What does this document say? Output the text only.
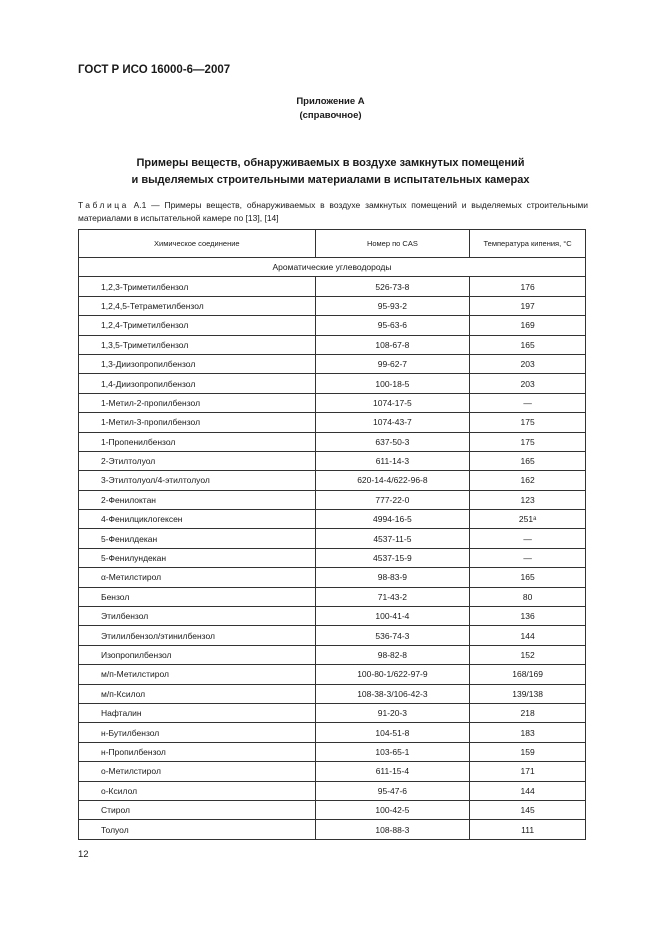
ГОСТ Р ИСО 16000-6—2007
Приложение А
(справочное)
Примеры веществ, обнаруживаемых в воздухе замкнутых помещений
и выделяемых строительными материалами в испытательных камерах
Таблица А.1 — Примеры веществ, обнаруживаемых в воздухе замкнутых помещений и выделяемых строительными материалами в испытательной камере по [13], [14]
Химическое соединение	Номер по CAS	Температура кипения, °С
Ароматические углеводороды		
1,2,3-Триметилбензол	526-73-8	176
1,2,4,5-Тетраметилбензол	95-93-2	197
1,2,4-Триметилбензол	95-63-6	169
1,3,5-Триметилбензол	108-67-8	165
1,3-Диизопропилбензол	99-62-7	203
1,4-Диизопропилбензол	100-18-5	203
1-Метил-2-пропилбензол	1074-17-5	—
1-Метил-3-пропилбензол	1074-43-7	175
1-Пропенилбензол	637-50-3	175
2-Этилтолуол	611-14-3	165
3-Этилтолуол/4-этилтолуол	620-14-4/622-96-8	162
2-Фенилоктан	777-22-0	123
4-Фенилциклогексен	4994-16-5	251ᵃ
5-Фенилдекан	4537-11-5	—
5-Фенилундекан	4537-15-9	—
α-Метилстирол	98-83-9	165
Бензол	71-43-2	80
Этилбензол	100-41-4	136
Этилилбензол/этинилбензол	536-74-3	144
Изопропилбензол	98-82-8	152
м/п-Метилстирол	100-80-1/622-97-9	168/169
м/п-Ксилол	108-38-3/106-42-3	139/138
Нафталин	91-20-3	218
н-Бутилбензол	104-51-8	183
н-Пропилбензол	103-65-1	159
о-Метилстирол	611-15-4	171
о-Ксилол	95-47-6	144
Стирол	100-42-5	145
Толуол	108-88-3	111
12
